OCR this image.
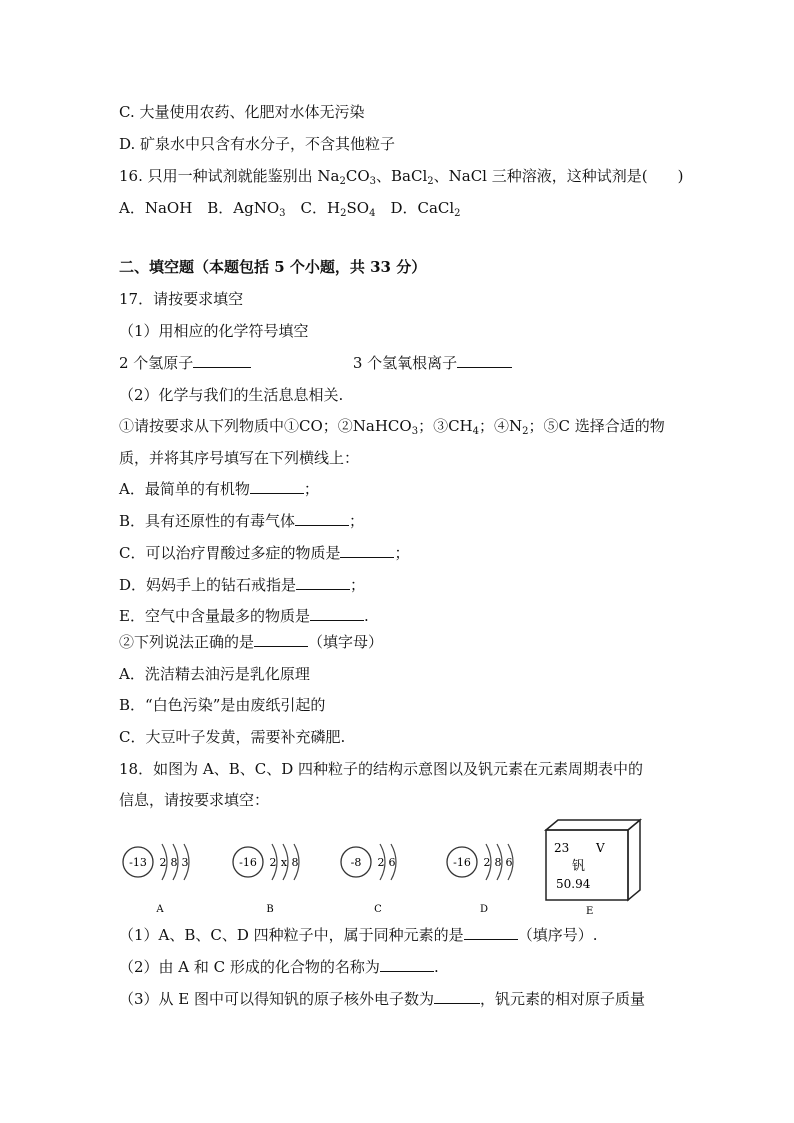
C. 大量使用农药、化肥对水体无污染
D. 矿泉水中只含有水分子，不含其他粒子
16. 只用一种试剂就能鉴别出 $Na_2CO_3$、BaCl$_2$、NaCl 三种溶液，这种试剂是(　　)
A．NaOH　B．AgNO$_3$　C．$H_2SO_4$　D．CaCl$_2$
二、填空题（本题包括 5 个小题，共 33 分）
17．请按要求填空
（1）用相应的化学符号填空
2 个氢原子	3 个氢氧根离子
（2）化学与我们的生活息息相关.
①请按要求从下列物质中①CO；②NaHCO$_3$；$③CH_4$；$④N_2$；⑤C 选择合适的物
质，并将其序号填写在下列横线上：
A．最简单的有机物	；
B．具有还原性的有毒气体	；
C．可以治疗胃酸过多症的物质是	；
D．妈妈手上的钻石戒指是	；
E．空气中含量最多的物质是	.
②下列说法正确的是	（填字母）
A．洗洁精去油污是乳化原理
B．“白色污染”是由废纸引起的
C．大豆叶子发黄，需要补充磷肥.
18．如图为 A、B、C、D 四种粒子的结构示意图以及钒元素在元素周期表中的
信息，请按要求填空：
-13 2 8 3
A
-16 2 x 8
B
-8 2 6
C
-16 2 8 6
D
23 V
钒
50.94
E
（1）A、B、C、D 四种粒子中，属于同种元素的是	（填序号）.
（2）由 A 和 C 形成的化合物的名称为	.
（3）从 E 图中可以得知钒的原子核外电子数为	，钒元素的相对原子质量
